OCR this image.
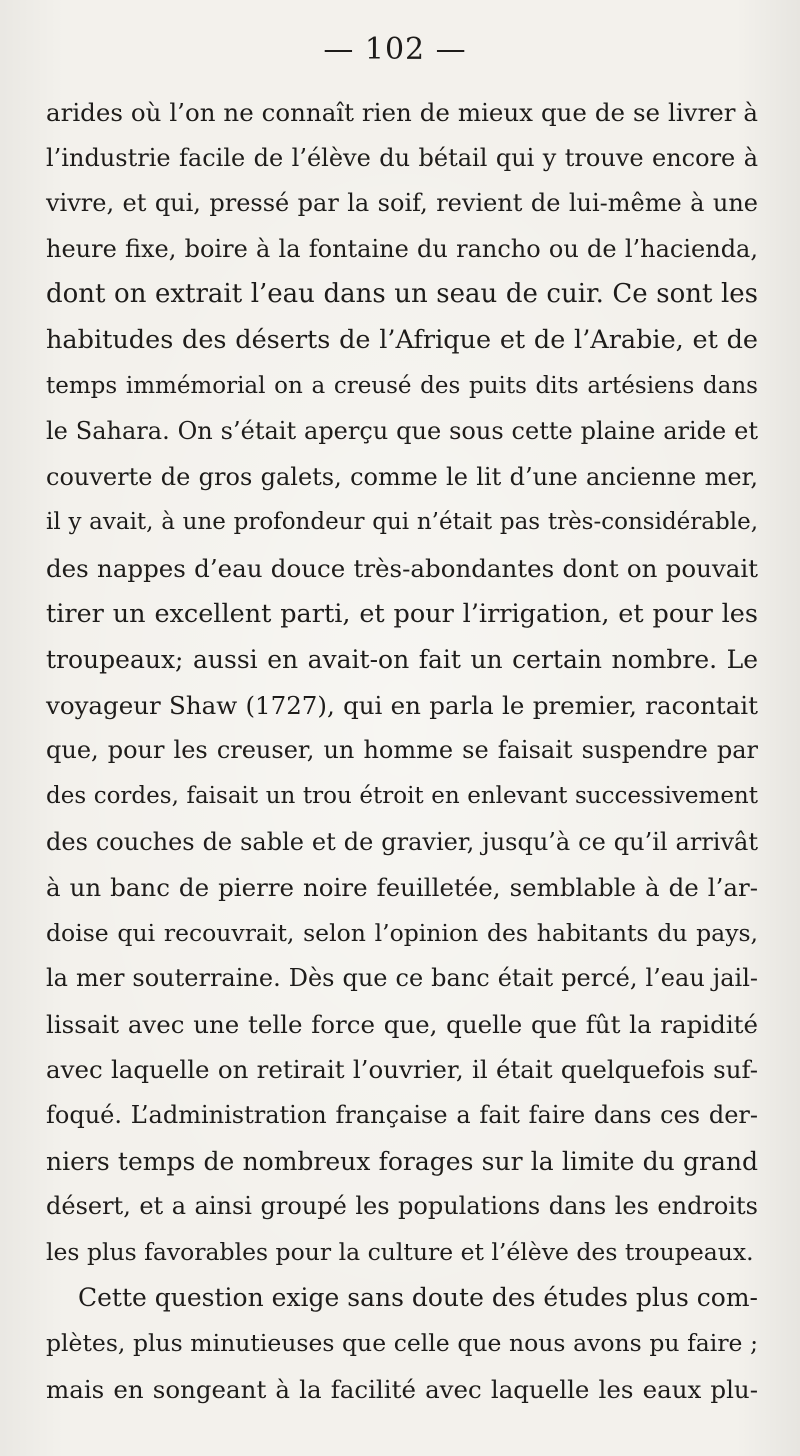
— 102 —
arides où l’on ne connaît rien de mieux que de se livrer à
l’industrie facile de l’élève du bétail qui y trouve encore à
vivre, et qui, pressé par la soif, revient de lui-même à une
heure fixe, boire à la fontaine du rancho ou de l’hacienda,
dont on extrait l’eau dans un seau de cuir. Ce sont les
habitudes des déserts de l’Afrique et de l’Arabie, et de
temps immémorial on a creusé des puits dits artésiens dans
le Sahara. On s’était aperçu que sous cette plaine aride et
couverte de gros galets, comme le lit d’une ancienne mer,
il y avait, à une profondeur qui n’était pas très-considérable,
des nappes d’eau douce très-abondantes dont on pouvait
tirer un excellent parti, et pour l’irrigation, et pour les
troupeaux; aussi en avait-on fait un certain nombre. Le
voyageur Shaw (1727), qui en parla le premier, racontait
que, pour les creuser, un homme se faisait suspendre par
des cordes, faisait un trou étroit en enlevant successivement
des couches de sable et de gravier, jusqu’à ce qu’il arrivât
à un banc de pierre noire feuilletée, semblable à de l’ar-
doise qui recouvrait, selon l’opinion des habitants du pays,
la mer souterraine. Dès que ce banc était percé, l’eau jail-
lissait avec une telle force que, quelle que fût la rapidité
avec laquelle on retirait l’ouvrier, il était quelquefois suf-
foqué. L’administration française a fait faire dans ces der-
niers temps de nombreux forages sur la limite du grand
désert, et a ainsi groupé les populations dans les endroits
les plus favorables pour la culture et l’élève des troupeaux.
Cette question exige sans doute des études plus com-
plètes, plus minutieuses que celle que nous avons pu faire ;
mais en songeant à la facilité avec laquelle les eaux plu-
